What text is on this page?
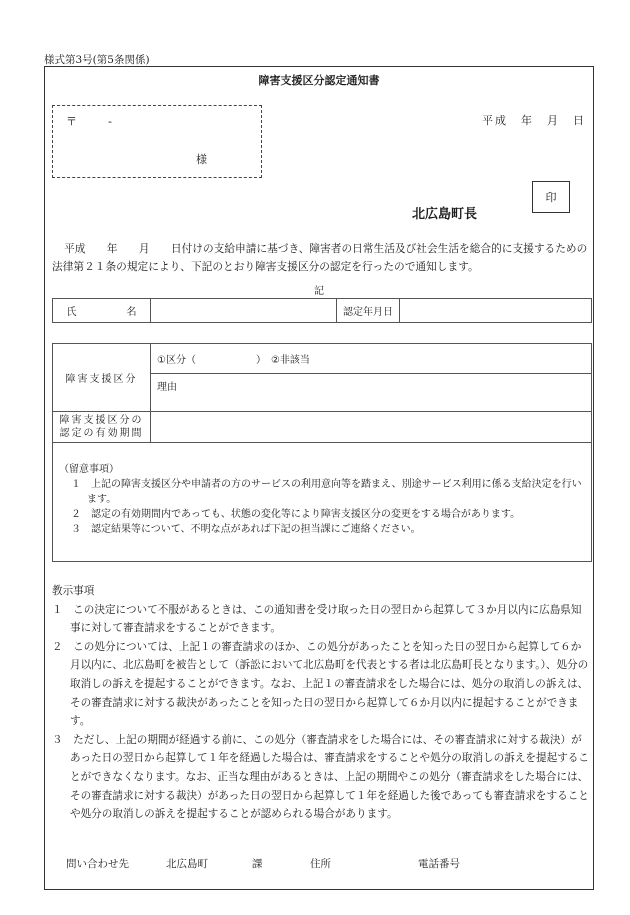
様式第3号(第5条関係)
障害支援区分認定通知書
〒	-
様
平成　年　月　日
印
北広島町長
平成　　年　　月　　日付けの支給申請に基づき、障害者の日常生活及び社会生活を総合的に支援するための法律第２１条の規定により、下記のとおり障害支援区分の認定を行ったので通知します。
記
氏　　　　　名		認定年月日	
障害支援区分	①区分（　　　　　　）　②非該当
	理由

障害支援区分の
認定の有効期間	

（留意事項）
１　上記の障害支援区分や申請者の方のサービスの利用意向等を踏まえ、別途サービス利用に係る支給決定を行います。
２　認定の有効期間内であっても、状態の変化等により障害支援区分の変更をする場合があります。
３　認定結果等について、不明な点があれば下記の担当課にご連絡ください。
教示事項
１　この決定について不服があるときは、この通知書を受け取った日の翌日から起算して３か月以内に広島県知事に対して審査請求をすることができます。
２　この処分については、上記１の審査請求のほか、この処分があったことを知った日の翌日から起算して６か月以内に、北広島町を被告として（訴訟において北広島町を代表とする者は北広島町長となります。）、処分の取消しの訴えを提起することができます。なお、上記１の審査請求をした場合には、処分の取消しの訴えは、その審査請求に対する裁決があったことを知った日の翌日から起算して６か月以内に提起することができます。
３　ただし、上記の期間が経過する前に、この処分（審査請求をした場合には、その審査請求に対する裁決）があった日の翌日から起算して１年を経過した場合は、審査請求をすることや処分の取消しの訴えを提起することができなくなります。なお、正当な理由があるときは、上記の期間やこの処分（審査請求をした場合には、その審査請求に対する裁決）があった日の翌日から起算して１年を経過した後であっても審査請求をすることや処分の取消しの訴えを提起することが認められる場合があります。
問い合わせ先	北広島町	課	住所	電話番号
